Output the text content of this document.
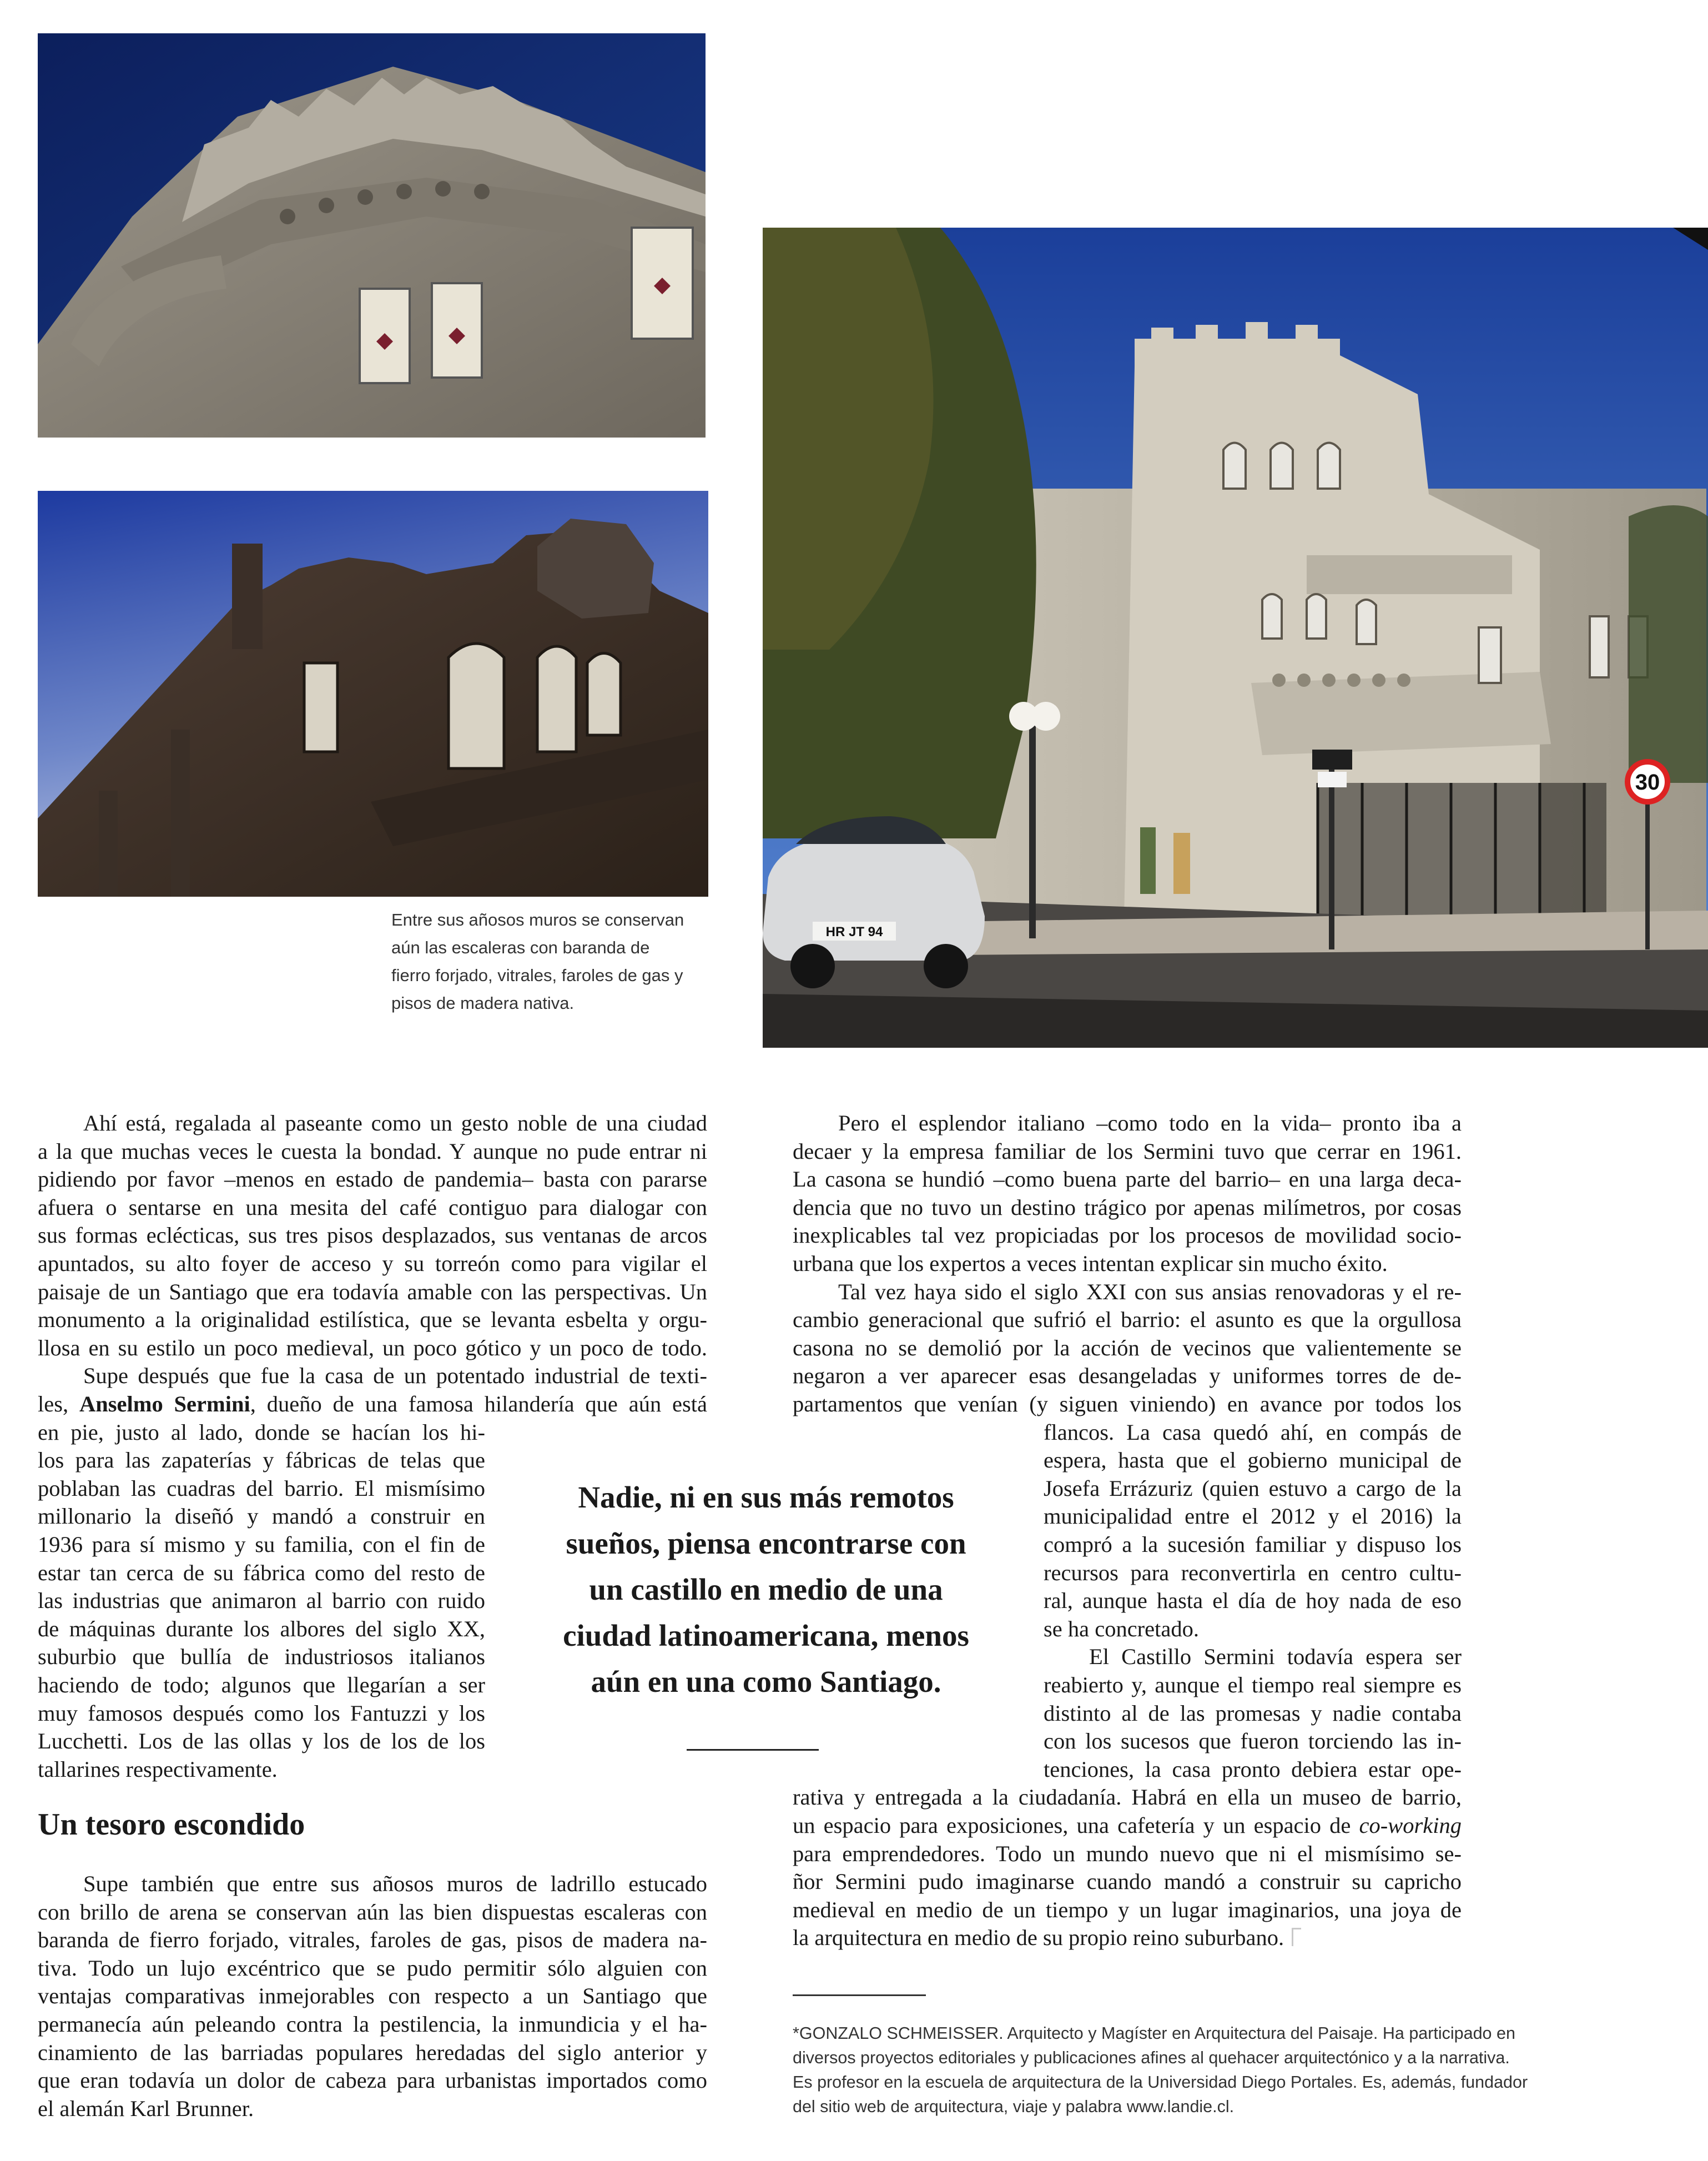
30
HR JT 94
Entre sus añosos muros se conservan
aún las escaleras con baranda de
fierro forjado, vitrales, faroles de gas y
pisos de madera nativa.
Ahí está, regalada al paseante como un gesto noble de una ciudad
a la que muchas veces le cuesta la bondad. Y aunque no pude entrar ni
pidiendo por favor –menos en estado de pandemia– basta con pararse
afuera o sentarse en una mesita del café contiguo para dialogar con
sus formas eclécticas, sus tres pisos desplazados, sus ventanas de arcos
apuntados, su alto foyer de acceso y su torreón como para vigilar el
paisaje de un Santiago que era todavía amable con las perspectivas. Un
monumento a la originalidad estilística, que se levanta esbelta y orgu-
llosa en su estilo un poco medieval, un poco gótico y un poco de todo.
Supe después que fue la casa de un potentado industrial de texti-
les, Anselmo Sermini, dueño de una famosa hilandería que aún está
en pie, justo al lado, donde se hacían los hi-
los para las zapaterías y fábricas de telas que
poblaban las cuadras del barrio. El mismísimo
millonario la diseñó y mandó a construir en
1936 para sí mismo y su familia, con el fin de
estar tan cerca de su fábrica como del resto de
las industrias que animaron al barrio con ruido
de máquinas durante los albores del siglo XX,
suburbio que bullía de industriosos italianos
haciendo de todo; algunos que llegarían a ser
muy famosos después como los Fantuzzi y los
Lucchetti. Los de las ollas y los de los de los
tallarines respectivamente.
Un tesoro escondido
Supe también que entre sus añosos muros de ladrillo estucado
con brillo de arena se conservan aún las bien dispuestas escaleras con
baranda de fierro forjado, vitrales, faroles de gas, pisos de madera na-
tiva. Todo un lujo excéntrico que se pudo permitir sólo alguien con
ventajas comparativas inmejorables con respecto a un Santiago que
permanecía aún peleando contra la pestilencia, la inmundicia y el ha-
cinamiento de las barriadas populares heredadas del siglo anterior y
que eran todavía un dolor de cabeza para urbanistas importados como
el alemán Karl Brunner.
Pero el esplendor italiano –como todo en la vida– pronto iba a
decaer y la empresa familiar de los Sermini tuvo que cerrar en 1961.
La casona se hundió –como buena parte del barrio– en una larga deca-
dencia que no tuvo un destino trágico por apenas milímetros, por cosas
inexplicables tal vez propiciadas por los procesos de movilidad socio-
urbana que los expertos a veces intentan explicar sin mucho éxito.
Tal vez haya sido el siglo XXI con sus ansias renovadoras y el re-
cambio generacional que sufrió el barrio: el asunto es que la orgullosa
casona no se demolió por la acción de vecinos que valientemente se
negaron a ver aparecer esas desangeladas y uniformes torres de de-
partamentos que venían (y siguen viniendo) en avance por todos los
flancos. La casa quedó ahí, en compás de
espera, hasta que el gobierno municipal de
Josefa Errázuriz (quien estuvo a cargo de la
municipalidad entre el 2012 y el 2016) la
compró a la sucesión familiar y dispuso los
recursos para reconvertirla en centro cultu-
ral, aunque hasta el día de hoy nada de eso
se ha concretado.
El Castillo Sermini todavía espera ser
reabierto y, aunque el tiempo real siempre es
distinto al de las promesas y nadie contaba
con los sucesos que fueron torciendo las in-
tenciones, la casa pronto debiera estar ope-
rativa y entregada a la ciudadanía. Habrá en ella un museo de barrio,
un espacio para exposiciones, una cafetería y un espacio de co-working
para emprendedores. Todo un mundo nuevo que ni el mismísimo se-
ñor Sermini pudo imaginarse cuando mandó a construir su capricho
medieval en medio de un tiempo y un lugar imaginarios, una joya de
la arquitectura en medio de su propio reino suburbano.
Nadie, ni en sus más remotos
sueños, piensa encontrarse con
un castillo en medio de una
ciudad latinoamericana, menos
aún en una como Santiago.
*GONZALO SCHMEISSER. Arquitecto y Magíster en Arquitectura del Paisaje. Ha participado en
diversos proyectos editoriales y publicaciones afines al quehacer arquitectónico y a la narrativa.
Es profesor en la escuela de arquitectura de la Universidad Diego Portales. Es, además, fundador
del sitio web de arquitectura, viaje y palabra www.landie.cl.
